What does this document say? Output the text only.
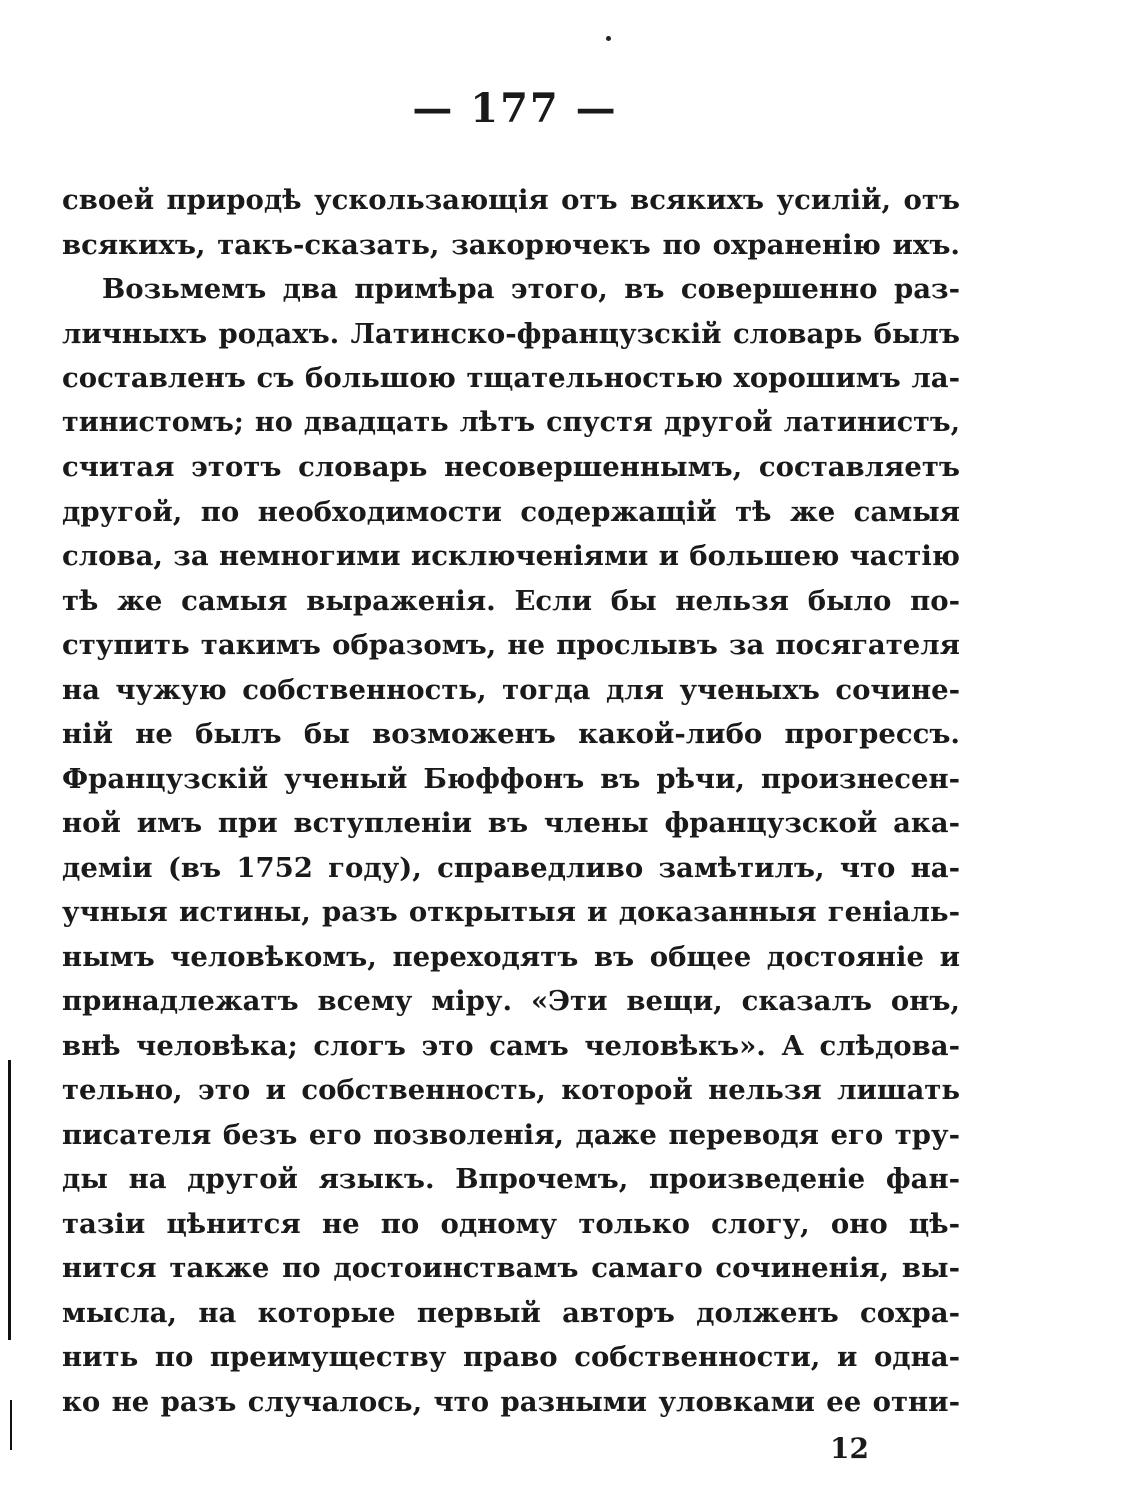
— 177 —
своей природѣ ускользающія отъ всякихъ усилій, отъ
всякихъ, такъ-сказать, закорючекъ по охраненію ихъ.
Возьмемъ два примѣра этого, въ совершенно раз-
личныхъ родахъ. Латинско-французскій словарь былъ
составленъ съ большою тщательностью хорошимъ ла-
тинистомъ; но двадцать лѣтъ спустя другой латинистъ,
считая этотъ словарь несовершеннымъ, составляетъ
другой, по необходимости содержащій тѣ же самыя
слова, за немногими исключеніями и большею частію
тѣ же самыя выраженія. Если бы нельзя было по-
ступить такимъ образомъ, не прослывъ за посягателя
на чужую собственность, тогда для ученыхъ сочине-
ній не былъ бы возможенъ какой-либо прогрессъ.
Французскій ученый Бюффонъ въ рѣчи, произнесен-
ной имъ при вступленіи въ члены французской ака-
деміи (въ 1752 году), справедливо замѣтилъ, что на-
учныя истины, разъ открытыя и доказанныя геніаль-
нымъ человѣкомъ, переходятъ въ общее достояніе и
принадлежатъ всему міру. «Эти вещи, сказалъ онъ,
внѣ человѣка; слогъ это самъ человѣкъ». А слѣдова-
тельно, это и собственность, которой нельзя лишать
писателя безъ его позволенія, даже переводя его тру-
ды на другой языкъ. Впрочемъ, произведеніе фан-
тазіи цѣнится не по одному только слогу, оно цѣ-
нится также по достоинствамъ самаго сочиненія, вы-
мысла, на которые первый авторъ долженъ сохра-
нить по преимуществу право собственности, и одна-
ко не разъ случалось, что разными уловками ее отни-
12
